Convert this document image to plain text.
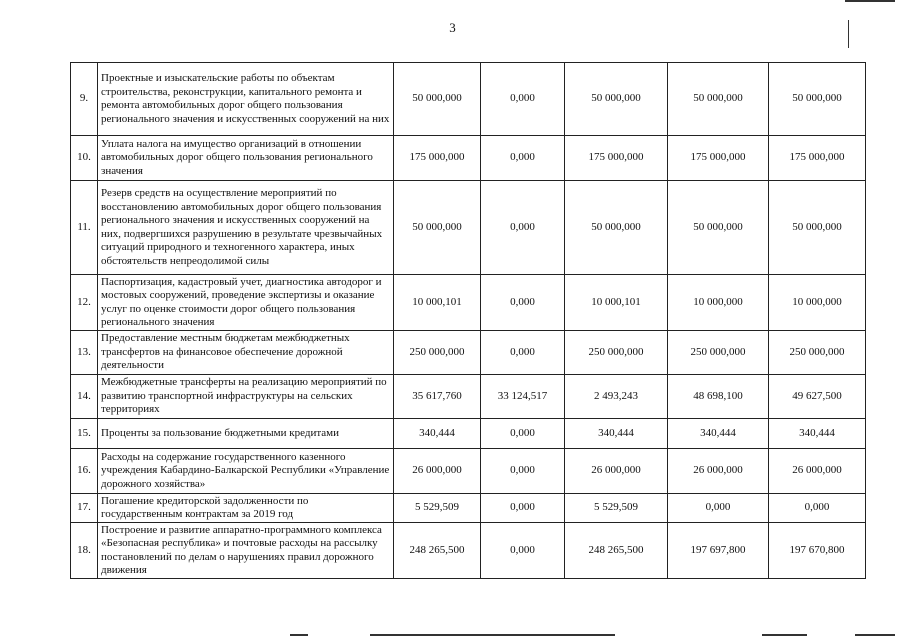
3
9.	Проектные и изыскательские работы по объектам строительства, реконструкции, капитального ремонта и ремонта автомобильных дорог общего пользования регионального значения и искусственных сооружений на них	50 000,000	0,000	50 000,000	50 000,000	50 000,000
10.	Уплата налога на имущество организаций в отношении автомобильных дорог общего пользования регионального значения	175 000,000	0,000	175 000,000	175 000,000	175 000,000
11.	Резерв средств на осуществление мероприятий по восстановлению автомобильных дорог общего пользования регионального значения и искусственных сооружений на них, подвергшихся разрушению в результате чрезвычайных ситуаций природного и техногенного характера, иных обстоятельств непреодолимой силы	50 000,000	0,000	50 000,000	50 000,000	50 000,000
12.	Паспортизация, кадастровый учет, диагностика автодорог и мостовых сооружений, проведение экспертизы и оказание услуг по оценке стоимости дорог общего пользования регионального значения	10 000,101	0,000	10 000,101	10 000,000	10 000,000
13.	Предоставление местным бюджетам межбюджетных трансфертов на финансовое обеспечение дорожной деятельности	250 000,000	0,000	250 000,000	250 000,000	250 000,000
14.	Межбюджетные трансферты на реализацию мероприятий по развитию транспортной инфраструктуры на сельских территориях	35 617,760	33 124,517	2 493,243	48 698,100	49 627,500
15.	Проценты за пользование бюджетными кредитами	340,444	0,000	340,444	340,444	340,444
16.	Расходы на содержание государственного казенного учреждения Кабардино-Балкарской Республики «Управление дорожного хозяйства»	26 000,000	0,000	26 000,000	26 000,000	26 000,000
17.	Погашение кредиторской задолженности по государственным контрактам за 2019 год	5 529,509	0,000	5 529,509	0,000	0,000
18.	Построение и развитие аппаратно-программного комплекса «Безопасная республика» и почтовые расходы на рассылку постановлений по делам о нарушениях правил дорожного движения	248 265,500	0,000	248 265,500	197 697,800	197 670,800
